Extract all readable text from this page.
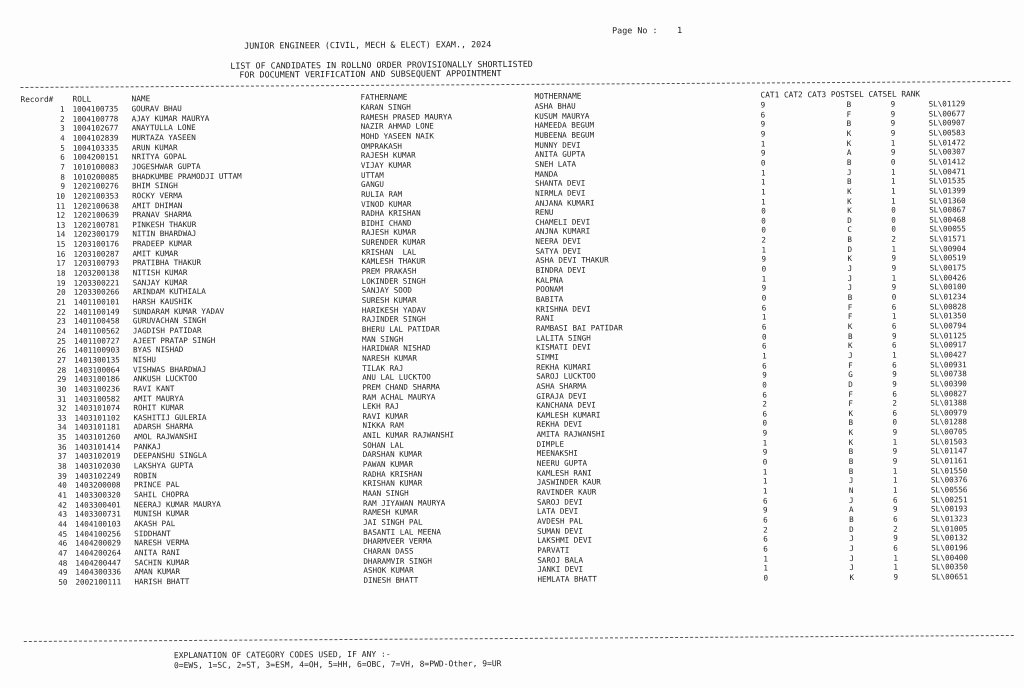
Page No : 1
JUNIOR ENGINEER (CIVIL, MECH & ELECT) EXAM., 2024
LIST OF CANDIDATES IN ROLLNO ORDER PROVISIONALLY SHORTLISTED
FOR DOCUMENT VERIFICATION AND SUBSEQUENT APPOINTMENT
Record# ROLL	NAME	FATHERNAME	MOTHERNAME	CAT1 CAT2 CAT3 POSTSEL CATSEL RANK
1 1004100735 GOURAV BHAU	KARAN SINGH	ASHA BHAU	9	B	9	SL\01129
2 1004100778 AJAY KUMAR MAURYA	RAMESH PRASED MAURYA	KUSUM MAURYA	6	F	9	SL\00677
3 1004102677 ANAYTULLA LONE	NAZIR AHMAD LONE	HAMEEDA BEGUM	9	B	9	SL\00907
4 1004102839 MURTAZA YASEEN	MOHD YASEEN NAIK	MUBEENA BEGUM	9	K	9	SL\00583
5 1004103335 ARUN KUMAR	OMPRAKASH	MUNNY DEVI	1	K	1	SL\01472
6 1004200151 NRITYA GOPAL	RAJESH KUMAR	ANITA GUPTA	9	A	9	SL\00307
7 1010100083 JOGESHWAR GUPTA	VIJAY KUMAR	SNEH LATA	0	B	0	SL\01412
8 1010200085 BHADKUMBE PRAMODJI UTTAM	UTTAM	MANDA	1	J	1	SL\00471
9 1202100276 BHIM SINGH	GANGU	SHANTA DEVI	1	B	1	SL\01535
10 1202100353 ROCKY VERMA	RULIA RAM	NIRMLA DEVI	1	K	1	SL\01399
11 1202100638 AMIT DHIMAN	VINOD KUMAR	ANJANA KUMARI	1	K	1	SL\01360
12 1202100639 PRANAV SHARMA	RADHA KRISHAN	RENU	0	K	0	SL\00867
13 1202100781 PINKESH THAKUR	BIDHI CHAND	CHAMELI DEVI	0	D	0	SL\00468
14 1202300179 NITIN BHARDWAJ	RAJESH KUMAR	ANJNA KUMARI	0	C	0	SL\00055
15 1203100176 PRADEEP KUMAR	SURENDER KUMAR	NEERA DEVI	2	B	2	SL\01571
16 1203100287 AMIT KUMAR	KRISHAN  LAL	SATYA DEVI	1	D	1	SL\00904
17 1203100793 PRATIBHA THAKUR	KAMLESH THAKUR	ASHA DEVI THAKUR	9	K	9	SL\00519
18 1203200138 NITISH KUMAR	PREM PRAKASH	BINDRA DEVI	0	J	9	SL\00175
19 1203300221 SANJAY KUMAR	LOKINDER SINGH	KALPNA	1	J	1	SL\00426
20 1203300266 ARINDAM KUTHIALA	SANJAY SOOD	POONAM	9	J	9	SL\00100
21 1401100101 HARSH KAUSHIK	SURESH KUMAR	BABITA	0	B	0	SL\01234
22 1401100149 SUNDARAM KUMAR YADAV	HARIKESH YADAV	KRISHNA DEVI	6	F	6	SL\00828
23 1401100458 GURUVACHAN SINGH	RAJINDER SINGH	RANI	1	F	1	SL\01350
24 1401100562 JAGDISH PATIDAR	BHERU LAL PATIDAR	RAMBASI BAI PATIDAR	6	K	6	SL\00794
25 1401100727 AJEET PRATAP SINGH	MAN SINGH	LALITA SINGH	0	B	9	SL\01125
26 1401100903 BYAS NISHAD	HARIDWAR NISHAD	KISMATI DEVI	6	K	6	SL\00917
27 1401300135 NISHU	NARESH KUMAR	SIMMI	1	J	1	SL\00427
28 1403100064 VISHWAS BHARDWAJ	TILAK RAJ	REKHA KUMARI	6	F	6	SL\00931
29 1403100186 ANKUSH LUCKTOO	ANU LAL LUCKTOO	SAROJ LUCKTOO	9	G	9	SL\00738
30 1403100236 RAVI KANT	PREM CHAND SHARMA	ASHA SHARMA	0	D	9	SL\00390
31 1403100582 AMIT MAURYA	RAM ACHAL MAURYA	GIRAJA DEVI	6	F	6	SL\00827
32 1403101074 ROHIT KUMAR	LEKH RAJ	KANCHANA DEVI	2	F	2	SL\01388
33 1403101102 KASHITIJ GULERIA	RAVI KUMAR	KAMLESH KUMARI	6	K	6	SL\00979
34 1403101181 ADARSH SHARMA	NIKKA RAM	REKHA DEVI	0	B	0	SL\01288
35 1403101260 AMOL RAJWANSHI	ANIL KUMAR RAJWANSHI	AMITA RAJWANSHI	9	K	9	SL\00705
36 1403101414 PANKAJ	SOHAN LAL	DIMPLE	1	K	1	SL\01503
37 1403102019 DEEPANSHU SINGLA	DARSHAN KUMAR	MEENAKSHI	9	B	9	SL\01147
38 1403102030 LAKSHYA GUPTA	PAWAN KUMAR	NEERU GUPTA	0	B	9	SL\01161
39 1403102249 ROBIN	RADHA KRISHAN	KAMLESH RANI	1	B	1	SL\01550
40 1403200008 PRINCE PAL	KRISHAN KUMAR	JASWINDER KAUR	1	J	1	SL\00376
41 1403300320 SAHIL CHOPRA	MAAN SINGH	RAVINDER KAUR	1	N	1	SL\00556
42 1403300401 NEERAJ KUMAR MAURYA	RAM JIYAWAN MAURYA	SAROJ DEVI	6	J	6	SL\00251
43 1403300731 MUNISH KUMAR	RAMESH KUMAR	LATA DEVI	9	A	9	SL\00193
44 1404100103 AKASH PAL	JAI SINGH PAL	AVDESH PAL	6	B	6	SL\01323
45 1404100256 SIDDHANT	BASANTI LAL MEENA	SUMAN DEVI	2	D	2	SL\01005
46 1404200029 NARESH VERMA	DHARMVEER VERMA	LAKSHMI DEVI	6	J	9	SL\00132
47 1404200264 ANITA RANI	CHARAN DASS	PARVATI	6	J	6	SL\00196
48 1404200447 SACHIN KUMAR	DHARAMVIR SINGH	SAROJ BALA	1	J	1	SL\00400
49 1404300336 AMAN KUMAR	ASHOK KUMAR	JANKI DEVI	1	J	1	SL\00350
50 2002100111 HARISH BHATT	DINESH BHATT	HEMLATA BHATT	0	K	9	SL\00651
EXPLANATION OF CATEGORY CODES USED, IF ANY :-
0=EWS, 1=SC, 2=ST, 3=ESM, 4=OH, 5=HH, 6=OBC, 7=VH, 8=PWD-Other, 9=UR
